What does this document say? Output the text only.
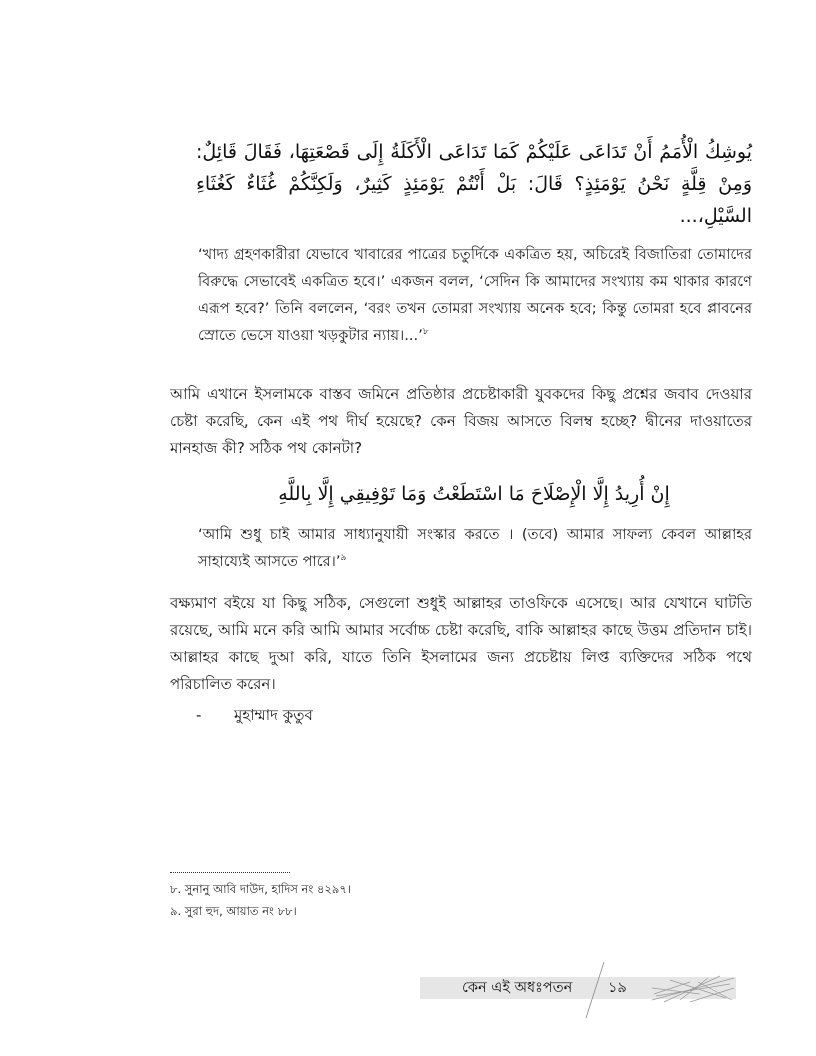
يُوشِكُ الْأُمَمُ أَنْ تَدَاعَى عَلَيْكُمْ كَمَا تَدَاعَى الْأَكَلَةُ إِلَى قَصْعَتِهَا، فَقَالَ قَائِلٌ: وَمِنْ قِلَّةٍ نَحْنُ يَوْمَئِذٍ؟ قَالَ: بَلْ أَنْتُمْ يَوْمَئِذٍ كَثِيرٌ، وَلَكِنَّكُمْ غُثَاءٌ كَغُثَاءِ السَّيْلِ،...
‘খাদ্য গ্রহণকারীরা যেভাবে খাবারের পাত্রের চতুর্দিকে একত্রিত হয়, অচিরেই বিজাতিরা তোমাদের বিরুদ্ধে সেভাবেই একত্রিত হবে।’ একজন বলল, ‘সেদিন কি আমাদের সংখ্যায় কম থাকার কারণে এরূপ হবে?’ তিনি বললেন, ‘বরং তখন তোমরা সংখ্যায় অনেক হবে; কিন্তু তোমরা হবে প্লাবনের স্রোতে ভেসে যাওয়া খড়কুটার ন্যায়।...’$^৮$
আমি এখানে ইসলামকে বাস্তব জমিনে প্রতিষ্ঠার প্রচেষ্টাকারী যুবকদের কিছু প্রশ্নের জবাব দেওয়ার চেষ্টা করেছি, কেন এই পথ দীর্ঘ হয়েছে? কেন বিজয় আসতে বিলম্ব হচ্ছে? দ্বীনের দাওয়াতের মানহাজ কী? সঠিক পথ কোনটা?
إِنْ أُرِيدُ إِلَّا الْإِصْلَاحَ مَا اسْتَطَعْتُ وَمَا تَوْفِيقِي إِلَّا بِاللَّهِ
‘আমি শুধু চাই আমার সাধ্যানুযায়ী সংস্কার করতে । (তবে) আমার সাফল্য কেবল আল্লাহর সাহায্যেই আসতে পারে।’$^৯$
বক্ষ্যমাণ বইয়ে যা কিছু সঠিক, সেগুলো শুধুই আল্লাহর তাওফিকে এসেছে। আর যেখানে ঘাটতি রয়েছে, আমি মনে করি আমি আমার সর্বোচ্চ চেষ্টা করেছি, বাকি আল্লাহর কাছে উত্তম প্রতিদান চাই। আল্লাহর কাছে দুআ করি, যাতে তিনি ইসলামের জন্য প্রচেষ্টায় লিপ্ত ব্যক্তিদের সঠিক পথে পরিচালিত করেন।
- মুহাম্মাদ কুতুব
৮. সুনানু আবি দাউদ, হাদিস নং ৪২৯৭।
৯. সুরা হুদ, আয়াত নং ৮৮।
কেন এই অধঃপতন ১৯
